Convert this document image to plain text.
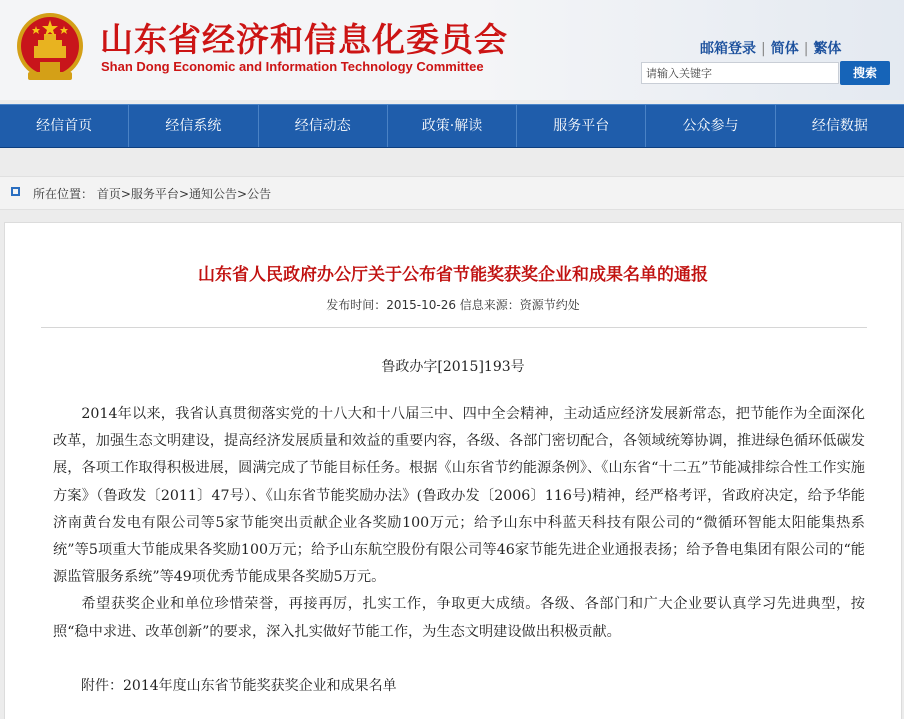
山东省经济和信息化委员会
Shan Dong Economic and Information Technology Committee
邮箱登录 | 简体 | 繁体
请输入关键字	搜索
经信首页	经信系统	经信动态	政策·解读	服务平台	公众参与	经信数据
所在位置： 首页>服务平台>通知公告>公告
山东省人民政府办公厅关于公布省节能奖获奖企业和成果名单的通报
发布时间：2015-10-26 信息来源：资源节约处
鲁政办字[2015]193号

2014年以来，我省认真贯彻落实党的十八大和十八届三中、四中全会精神，主动适应经济发展新常态，把节能作为全面深化改革，加强生态文明建设，提高经济发展质量和效益的重要内容，各级、各部门密切配合，各领域统筹协调，推进绿色循环低碳发展，各项工作取得积极进展，圆满完成了节能目标任务。根据《山东省节约能源条例》、《山东省“十二五”节能减排综合性工作实施方案》（鲁政发〔2011〕47号）、《山东省节能奖励办法》(鲁政办发〔2006〕116号)精神，经严格考评，省政府决定，给予华能济南黄台发电有限公司等5家节能突出贡献企业各奖励100万元；给予山东中科蓝天科技有限公司的“微循环智能太阳能集热系统”等5项重大节能成果各奖励100万元；给予山东航空股份有限公司等46家节能先进企业通报表扬；给予鲁电集团有限公司的“能源监管服务系统”等49项优秀节能成果各奖励5万元。

希望获奖企业和单位珍惜荣誉，再接再厉，扎实工作，争取更大成绩。各级、各部门和广大企业要认真学习先进典型，按照“稳中求进、改革创新”的要求，深入扎实做好节能工作，为生态文明建设做出积极贡献。

附件：2014年度山东省节能奖获奖企业和成果名单
